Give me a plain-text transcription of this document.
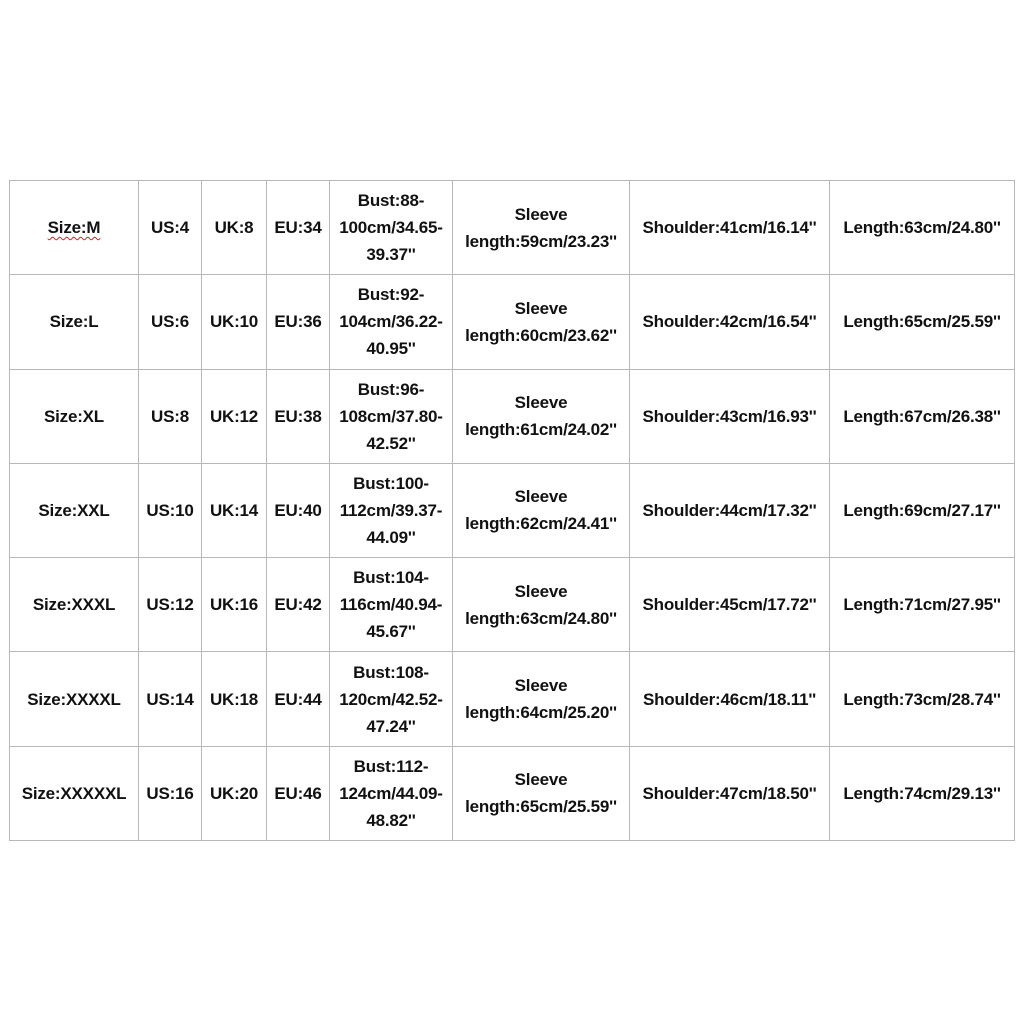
Size:M	US:4	UK:8	EU:34	Bust:88-
100cm/34.65-
39.37''	Sleeve
length:59cm/23.23''	Shoulder:41cm/16.14''	Length:63cm/24.80''
Size:L	US:6	UK:10	EU:36	Bust:92-
104cm/36.22-
40.95''	Sleeve
length:60cm/23.62''	Shoulder:42cm/16.54''	Length:65cm/25.59''
Size:XL	US:8	UK:12	EU:38	Bust:96-
108cm/37.80-
42.52''	Sleeve
length:61cm/24.02''	Shoulder:43cm/16.93''	Length:67cm/26.38''
Size:XXL	US:10	UK:14	EU:40	Bust:100-
112cm/39.37-
44.09''	Sleeve
length:62cm/24.41''	Shoulder:44cm/17.32''	Length:69cm/27.17''
Size:XXXL	US:12	UK:16	EU:42	Bust:104-
116cm/40.94-
45.67''	Sleeve
length:63cm/24.80''	Shoulder:45cm/17.72''	Length:71cm/27.95''
Size:XXXXL	US:14	UK:18	EU:44	Bust:108-
120cm/42.52-
47.24''	Sleeve
length:64cm/25.20''	Shoulder:46cm/18.11''	Length:73cm/28.74''
Size:XXXXXL	US:16	UK:20	EU:46	Bust:112-
124cm/44.09-
48.82''	Sleeve
length:65cm/25.59''	Shoulder:47cm/18.50''	Length:74cm/29.13''
